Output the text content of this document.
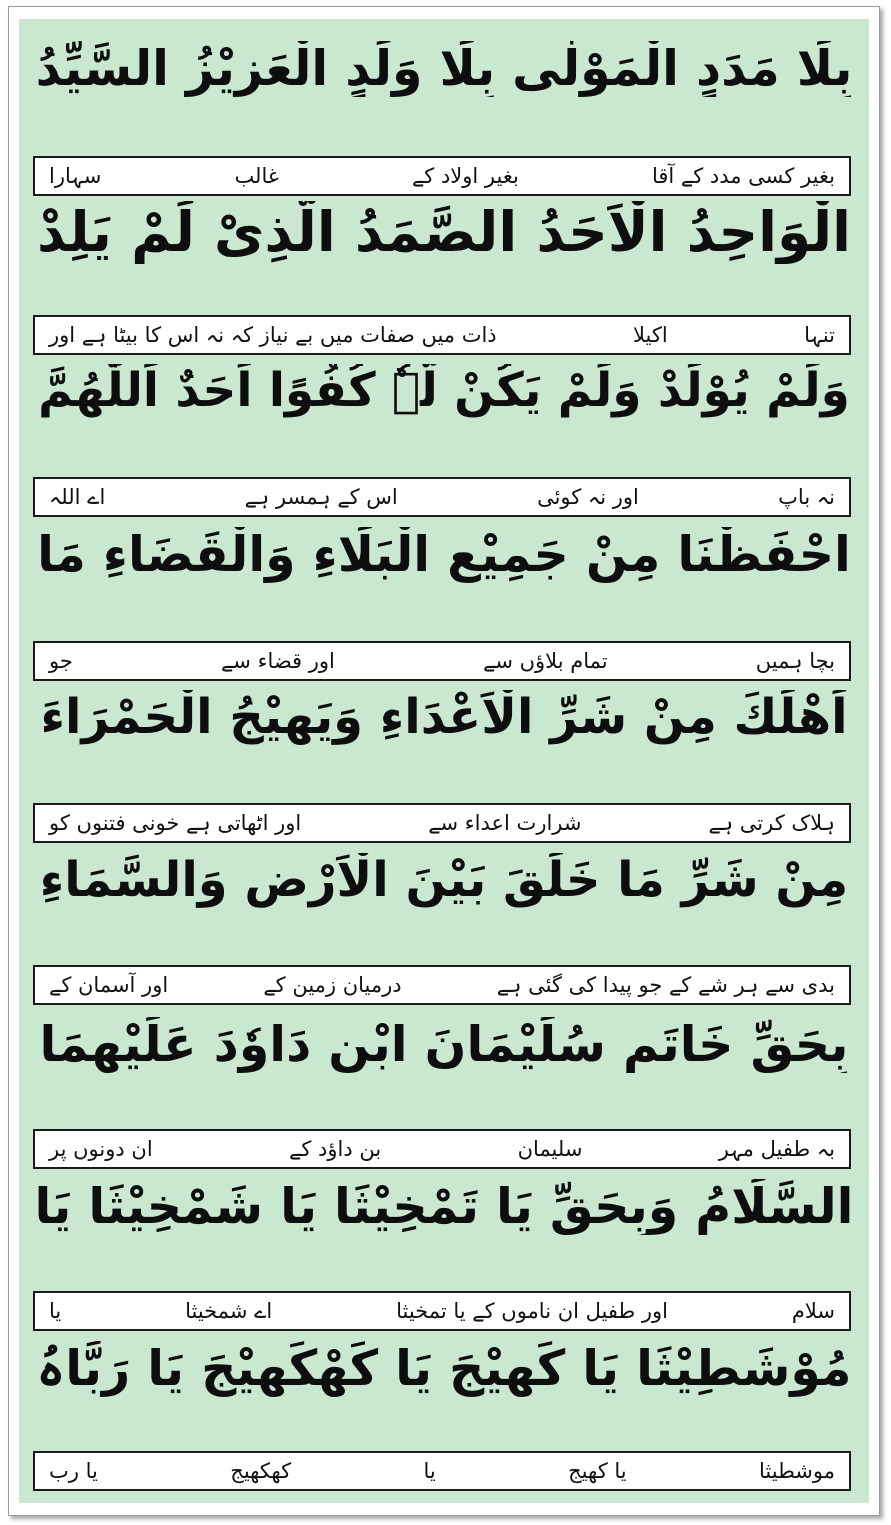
بِلَا مَدَدٍ الْمَوْلٰی بِلَا وَلَدٍ الْعَزِیْزُ السَّیِّدُ
بغیر کسی مدد کے آقا
بغیر اولاد کے
غالب
سہارا
الْوَاحِدُ الْاَحَدُ الصَّمَدُ الَّذِیْ لَمْ یَلِدْ
تنہا
اکیلا
ذات میں صفات میں بے نیاز کہ نہ اس کا بیٹا ہے اور
وَلَمْ یُوْلَدْ وَلَمْ یَکُنْ لَّہٗ کُفُوًا اَحَدٌ اَللّٰھُمَّ
نہ باپ
اور نہ کوئی
اس کے ہمسر ہے
اے اللہ
احْفَظْنَا مِنْ جَمِیْعِ الْبَلَاءِ وَالْقَضَاءِ مَا
بچا ہمیں
تمام بلاؤں سے
اور قضاء سے
جو
اَھْلَكَ مِنْ شَرِّ الْاَعْدَاءِ وَیَھِیْجُ الْحَمْرَاءَ
ہلاک کرتی ہے
شرارت اعداء سے
اور اٹھاتی ہے خونی فتنوں کو
مِنْ شَرِّ مَا خَلَقَ بَیْنَ الْاَرْضِ وَالسَّمَاءِ
بدی سے ہر شے کے جو پیدا کی گئی ہے
درمیان زمین کے
اور آسمان کے
بِحَقِّ خَاتَمِ سُلَیْمَانَ ابْنِ دَاوٗدَ عَلَیْھِمَا
بہ طفیل مہر
سلیمان
بن داؤد کے
ان دونوں پر
السَّلَامُ وَبِحَقِّ یَا تَمْخِیْثَا یَا شَمْخِیْثَا یَا
سلام
اور طفیل ان ناموں کے یا تمخیثا
اے شمخیثا
یا
مُوْشَطِیْثَا یَا کَھِیْجَ یَا کَھْکَھِیْجَ یَا رَبَّاہُ
موشطیثا
یا کھیج
یا
کھکھیج
یا رب
